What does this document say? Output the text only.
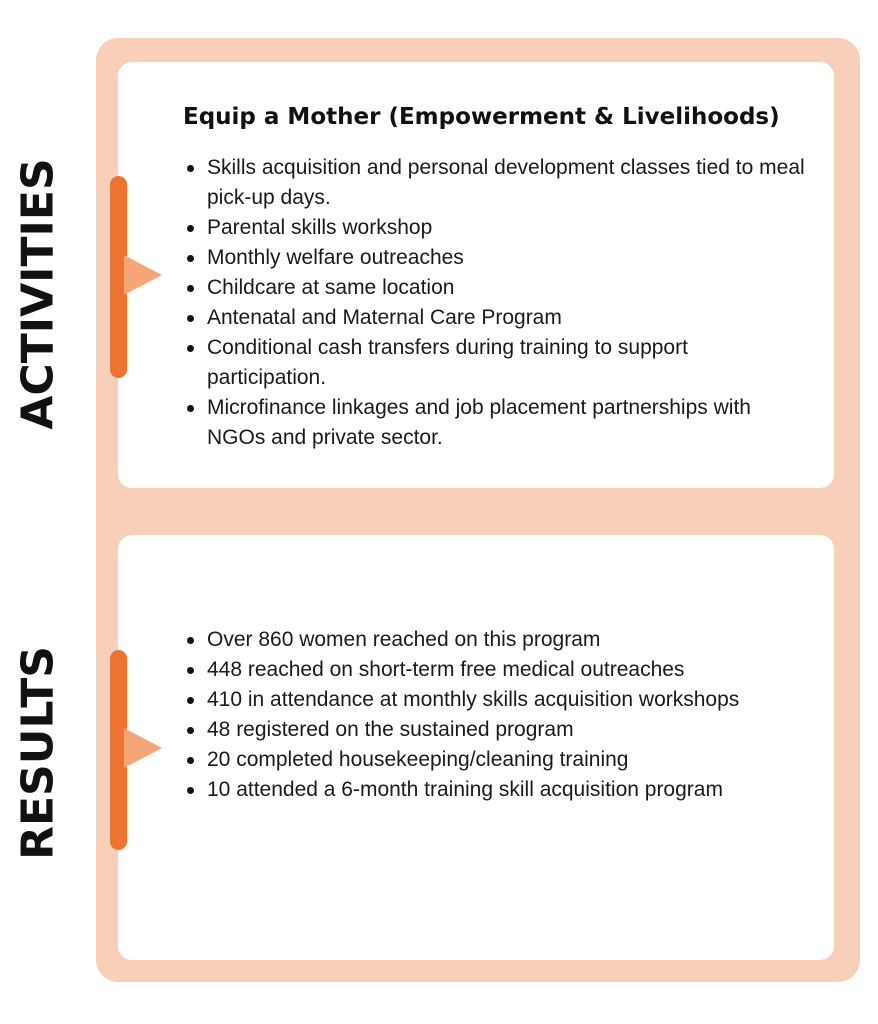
ACTIVITIES
RESULTS
Equip a Mother (Empowerment & Livelihoods)
Skills acquisition and personal development classes tied to meal pick-up days.
Parental skills workshop
Monthly welfare outreaches
Childcare at same location
Antenatal and Maternal Care Program
Conditional cash transfers during training to support participation.
Microfinance linkages and job placement partnerships with NGOs and private sector.
Over 860 women reached on this program
448 reached on short-term free medical outreaches
410 in attendance at monthly skills acquisition workshops
48 registered on the sustained program
20 completed housekeeping/cleaning training
10 attended a 6-month training skill acquisition program
